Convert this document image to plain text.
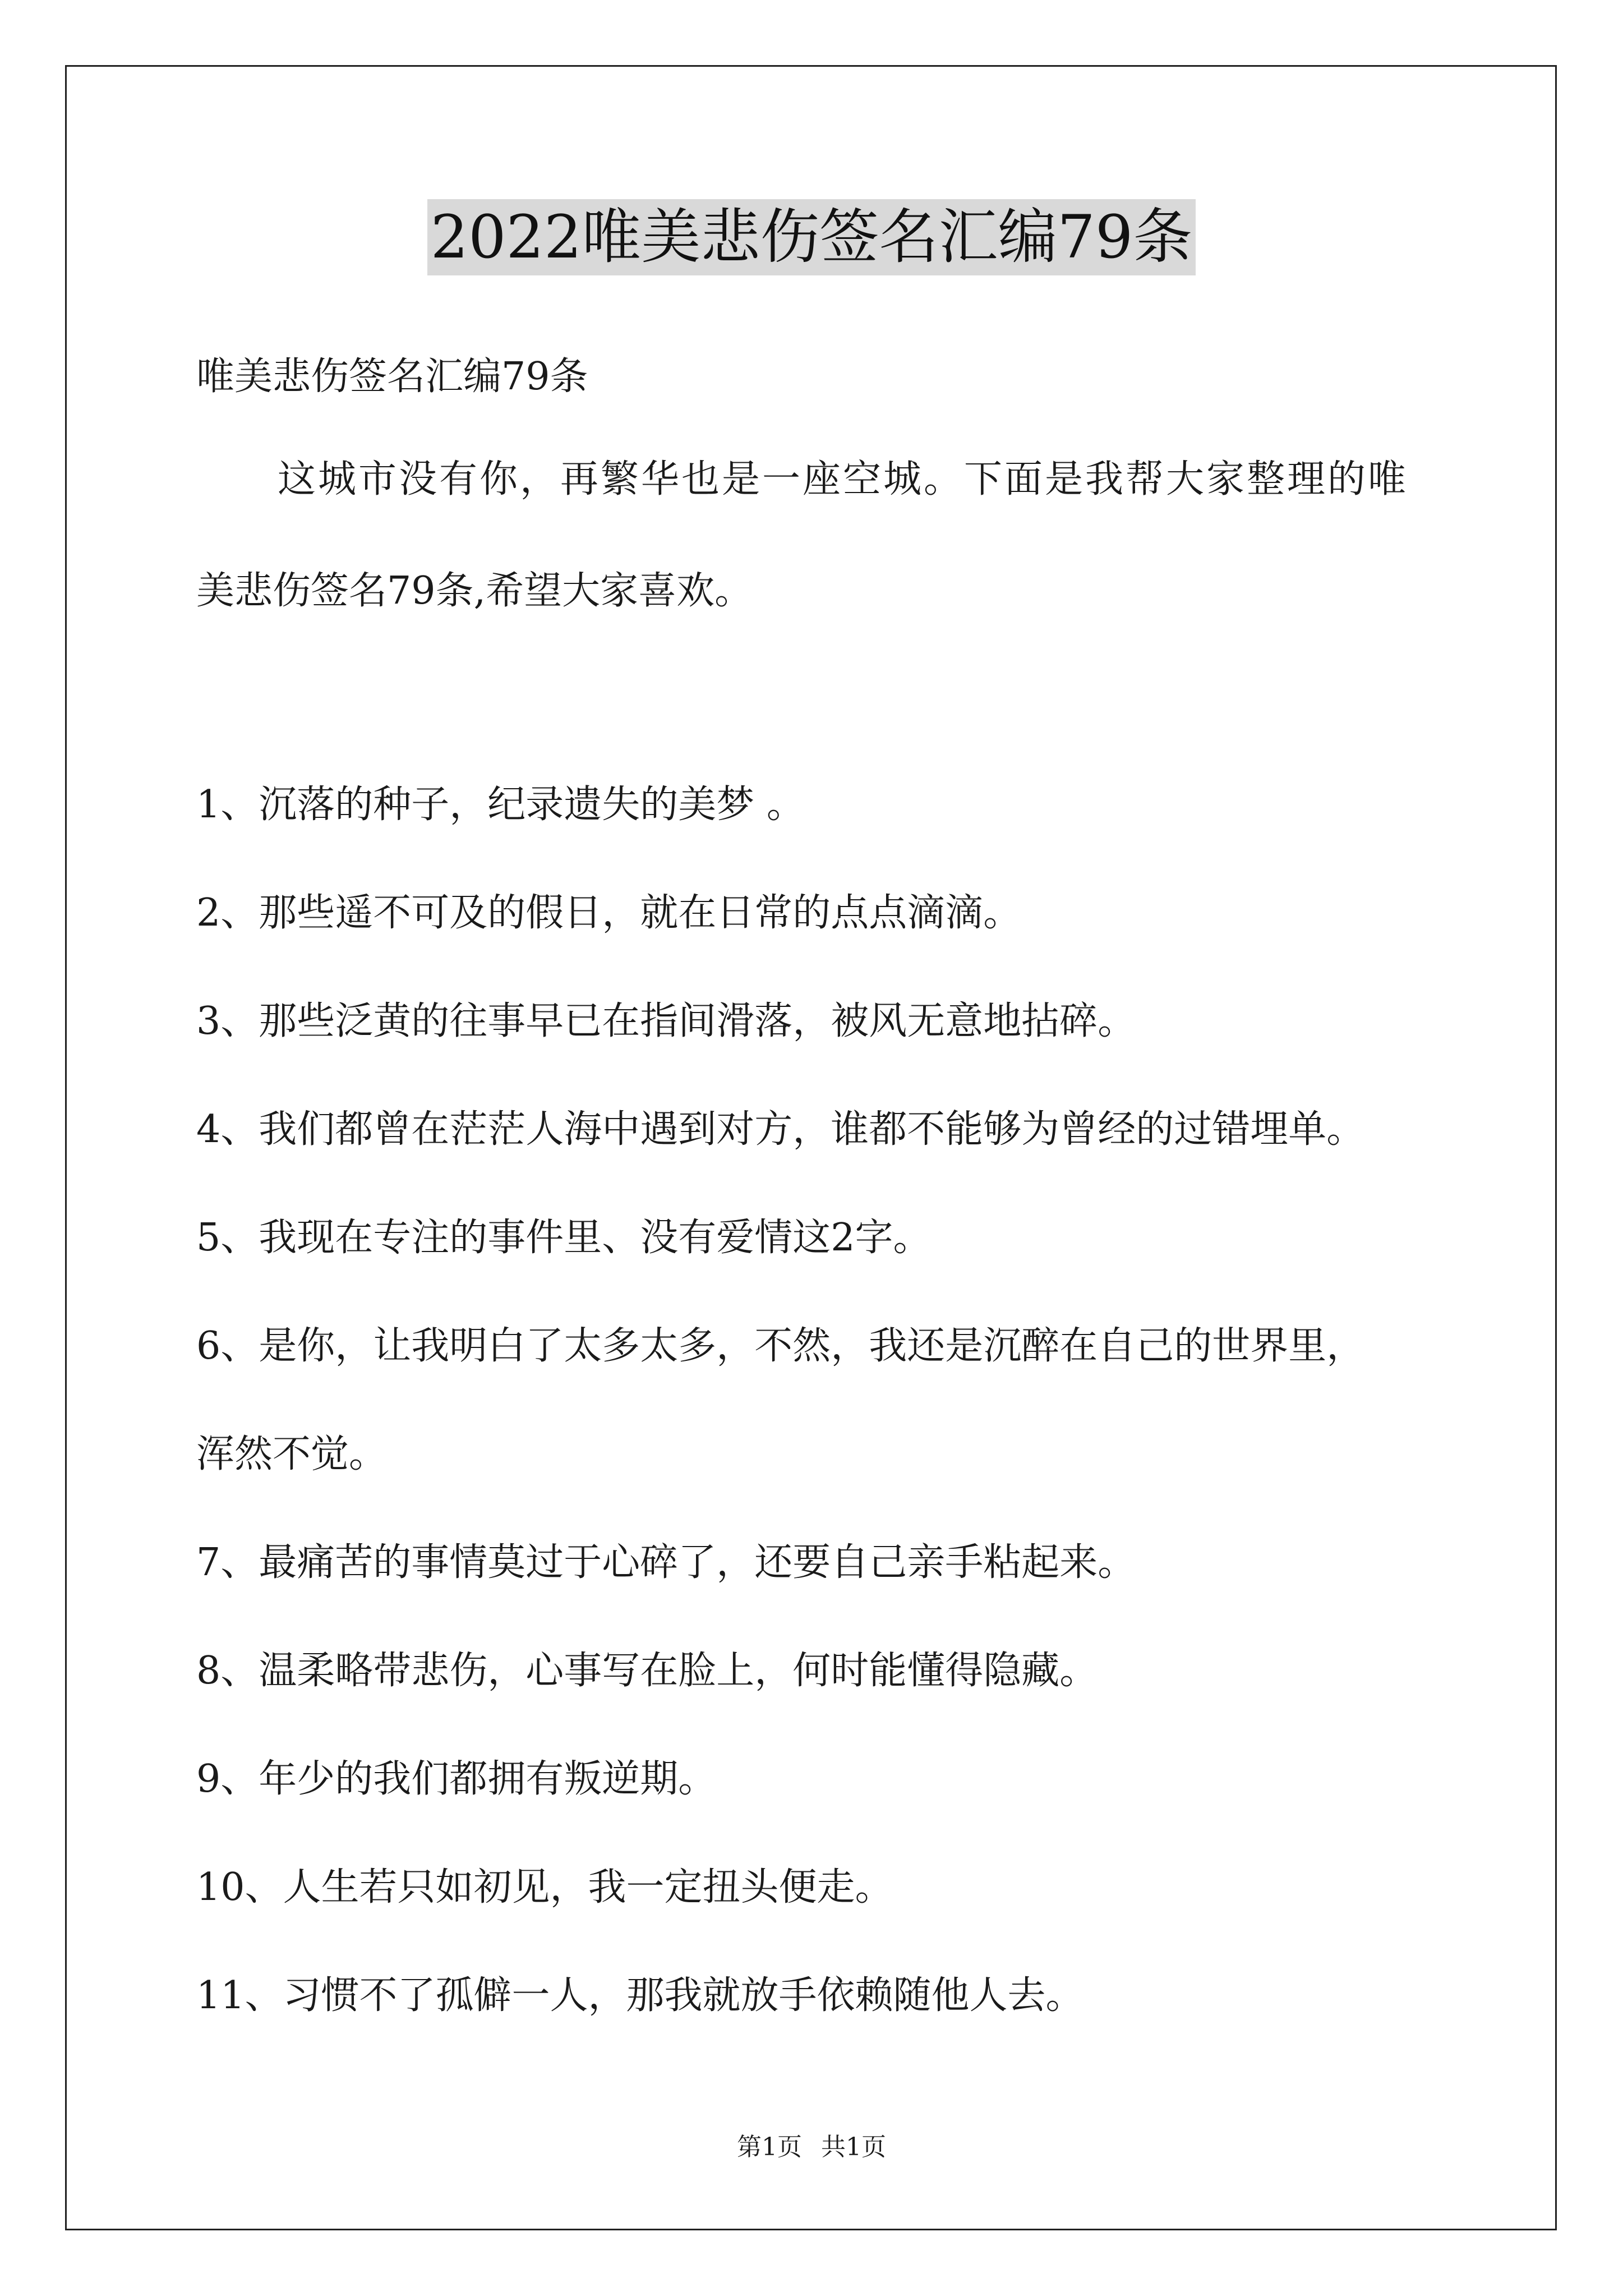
2022唯美悲伤签名汇编79条
唯美悲伤签名汇编79条
这城市没有你，再繁华也是一座空城。下面是我帮大家整理的唯
美悲伤签名79条,希望大家喜欢。
1、沉落的种子，纪录遗失的美梦 。
2、那些遥不可及的假日，就在日常的点点滴滴。
3、那些泛黄的往事早已在指间滑落，被风无意地拈碎。
4、我们都曾在茫茫人海中遇到对方，谁都不能够为曾经的过错埋单。
5、我现在专注的事件里、没有爱情这2字。
6、是你，让我明白了太多太多，不然，我还是沉醉在自己的世界里，
浑然不觉。
7、最痛苦的事情莫过于心碎了，还要自己亲手粘起来。
8、温柔略带悲伤，心事写在脸上，何时能懂得隐藏。
9、年少的我们都拥有叛逆期。
10、人生若只如初见，我一定扭头便走。
11、习惯不了孤僻一人，那我就放手依赖随他人去。
第1页 共1页
